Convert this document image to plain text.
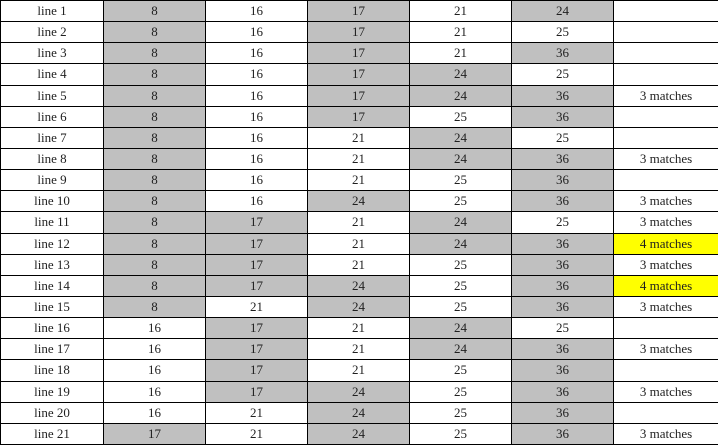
line 1	8	16	17	21	24	
line 2	8	16	17	21	25	
line 3	8	16	17	21	36	
line 4	8	16	17	24	25	
line 5	8	16	17	24	36	3 matches
line 6	8	16	17	25	36	
line 7	8	16	21	24	25	
line 8	8	16	21	24	36	3 matches
line 9	8	16	21	25	36	
line 10	8	16	24	25	36	3 matches
line 11	8	17	21	24	25	3 matches
line 12	8	17	21	24	36	4 matches
line 13	8	17	21	25	36	3 matches
line 14	8	17	24	25	36	4 matches
line 15	8	21	24	25	36	3 matches
line 16	16	17	21	24	25	
line 17	16	17	21	24	36	3 matches
line 18	16	17	21	25	36	
line 19	16	17	24	25	36	3 matches
line 20	16	21	24	25	36	
line 21	17	21	24	25	36	3 matches
